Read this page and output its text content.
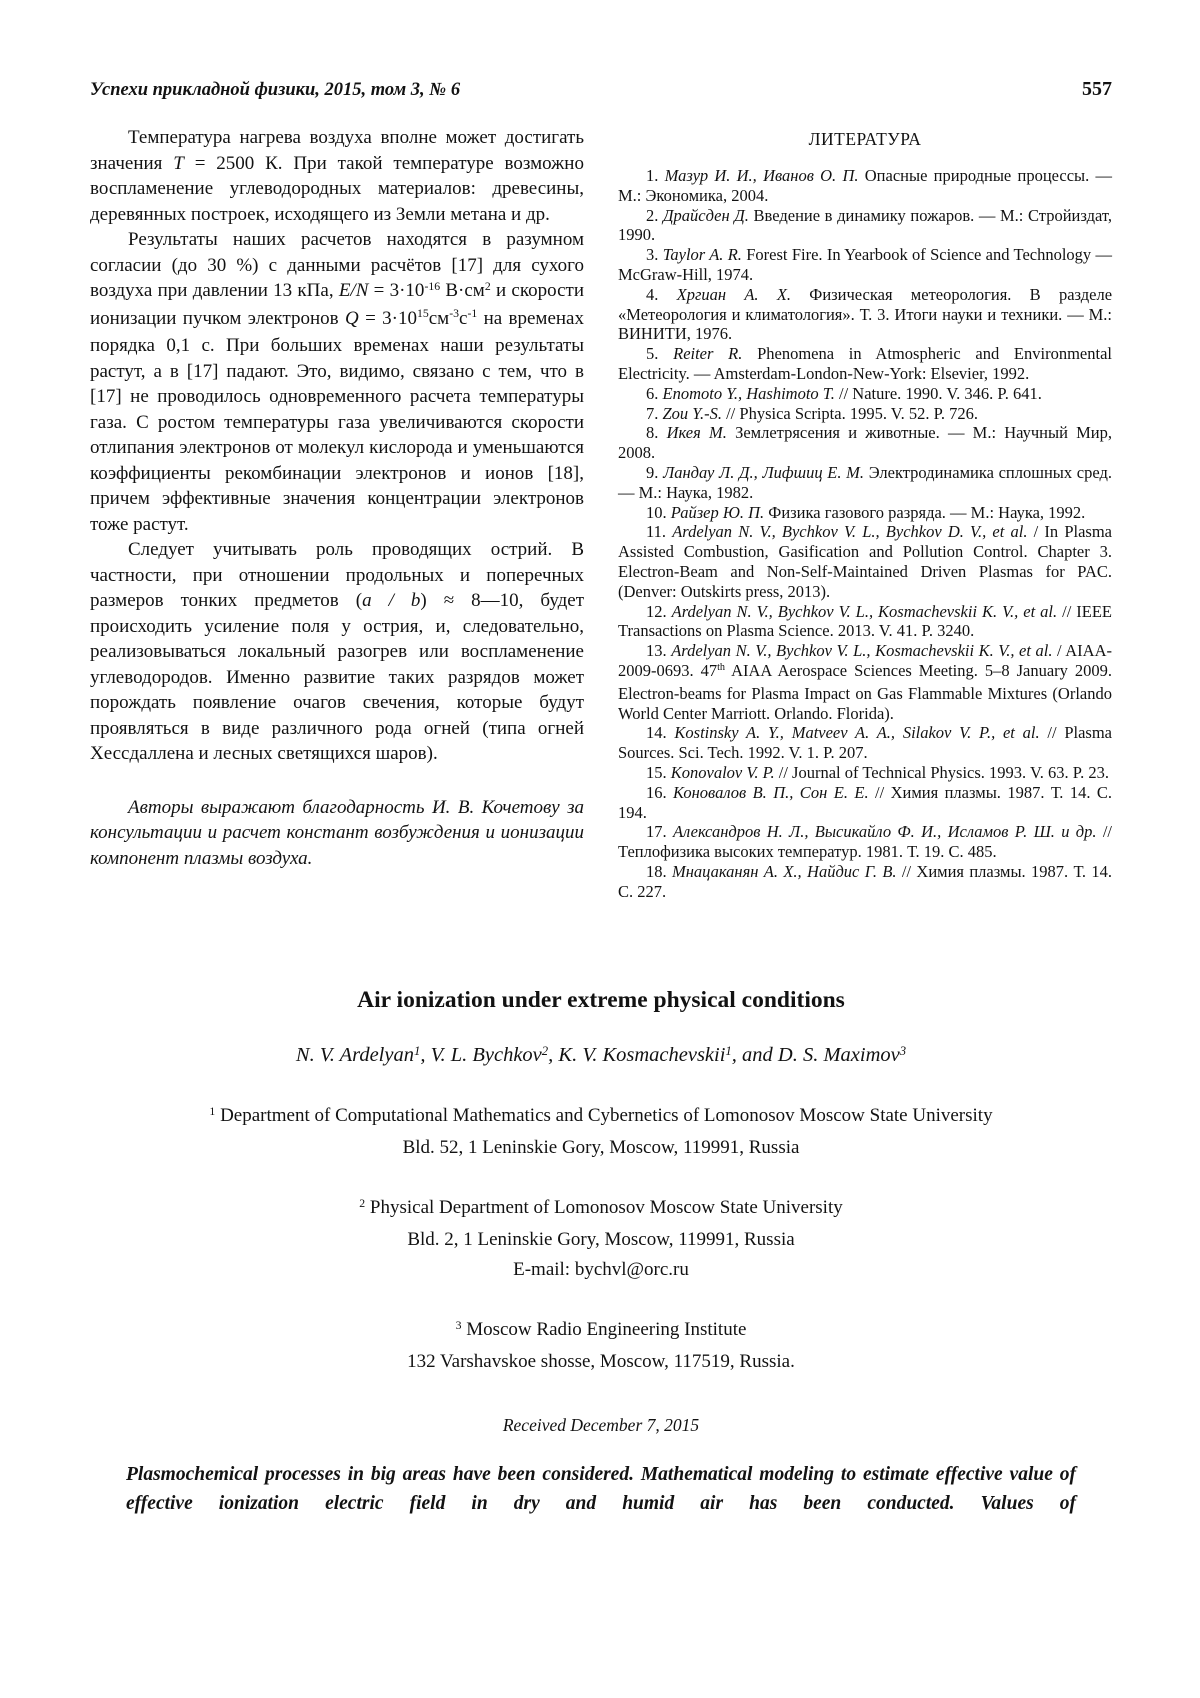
Успехи прикладной физики, 2015, том 3, № 6	557

Температура нагрева воздуха вполне может достигать значения T = 2500 К. При такой температуре возможно воспламенение углеводородных материалов: древесины, деревянных построек, исходящего из Земли метана и др.

Результаты наших расчетов находятся в разумном согласии (до 30 %) с данными расчётов [17] для сухого воздуха при давлении 13 кПа, $E/N = 3\cdot 10^{-16}$ $В\cdot см^2$ и скорости ионизации пучком электронов $Q = 3\cdot 10^{15}см^{-3}с^{-1}$ на временах порядка 0,1 с. При больших временах наши результаты растут, а в [17] падают. Это, видимо, связано с тем, что в [17] не проводилось одновременного расчета температуры газа. С ростом температуры газа увеличиваются скорости отлипания электронов от молекул кислорода и уменьшаются коэффициенты рекомбинации электронов и ионов [18], причем эффективные значения концентрации электронов тоже растут.

Следует учитывать роль проводящих острий. В частности, при отношении продольных и поперечных размеров тонких предметов (a / b) ≈ 8—10, будет происходить усиление поля у острия, и, следовательно, реализовываться локальный разогрев или воспламенение углеводородов. Именно развитие таких разрядов может порождать появление очагов свечения, которые будут проявляться в виде различного рода огней (типа огней Хессдаллена и лесных светящихся шаров).

Авторы выражают благодарность И. В. Кочетову за консультации и расчет констант возбуждения и ионизации компонент плазмы воздуха.

ЛИТЕРАТУРА

1. Мазур И. И., Иванов О. П. Опасные природные процессы. — М.: Экономика, 2004.

2. Драйсден Д. Введение в динамику пожаров. — М.: Стройиздат, 1990.

3. Taylor A. R. Forest Fire. In Yearbook of Science and Technology — McGraw-Hill, 1974.

4. Хргиан А. Х. Физическая метеорология. В разделе «Метеорология и климатология». Т. 3. Итоги науки и техники. — М.: ВИНИТИ, 1976.

5. Reiter R. Phenomena in Atmospheric and Environmental Electricity. — Amsterdam-London-New-York: Elsevier, 1992.

6. Enomoto Y., Hashimoto T. // Nature. 1990. V. 346. P. 641.

7. Zou Y.-S. // Physica Scripta. 1995. V. 52. P. 726.

8. Икея М. Землетрясения и животные. — М.: Научный Мир, 2008.

9. Ландау Л. Д., Лифшиц Е. М. Электродинамика сплошных сред. — М.: Наука, 1982.

10. Райзер Ю. П. Физика газового разряда. — М.: Наука, 1992.

11. Ardelyan N. V., Bychkov V. L., Bychkov D. V., et al. / In Plasma Assisted Combustion, Gasification and Pollution Control. Chapter 3. Electron-Beam and Non-Self-Maintained Driven Plasmas for PAC. (Denver: Outskirts press, 2013).

12. Ardelyan N. V., Bychkov V. L., Kosmachevskii K. V., et al. // IEEE Transactions on Plasma Science. 2013. V. 41. P. 3240.

13. Ardelyan N. V., Bychkov V. L., Kosmachevskii K. V., et al. / AIAA-2009-0693. 47th AIAA Aerospace Sciences Meeting. 5–8 January 2009. Electron-beams for Plasma Impact on Gas Flammable Mixtures (Orlando World Center Marriott. Orlando. Florida).

14. Kostinsky A. Y., Matveev A. A., Silakov V. P., et al. // Plasma Sources. Sci. Tech. 1992. V. 1. P. 207.

15. Konovalov V. P. // Journal of Technical Physics. 1993. V. 63. P. 23.

16. Коновалов В. П., Сон Е. Е. // Химия плазмы. 1987. Т. 14. С. 194.

17. Александров Н. Л., Высикайло Ф. И., Исламов Р. Ш. и др. // Теплофизика высоких температур. 1981. Т. 19. С. 485.

18. Мнацаканян А. Х., Найдис Г. В. // Химия плазмы. 1987. Т. 14. С. 227.

Air ionization under extreme physical conditions

N. V. Ardelyan$^1$, V. L. Bychkov$^2$, K. V. Kosmachevskii$^1$, and D. S. Maximov$^3$

$^1$ Department of Computational Mathematics and Cybernetics of Lomonosov Moscow State University

Bld. 52, 1 Leninskie Gory, Moscow, 119991, Russia

$^2$ Physical Department of Lomonosov Moscow State University

Bld. 2, 1 Leninskie Gory, Moscow, 119991, Russia

E-mail: bychvl@orc.ru

$^3$ Moscow Radio Engineering Institute

132 Varshavskoe shosse, Moscow, 117519, Russia.

Received December 7, 2015

Plasmochemical processes in big areas have been considered. Mathematical modeling to estimate effective value of effective ionization electric field in dry and humid air has been conducted. Values of
